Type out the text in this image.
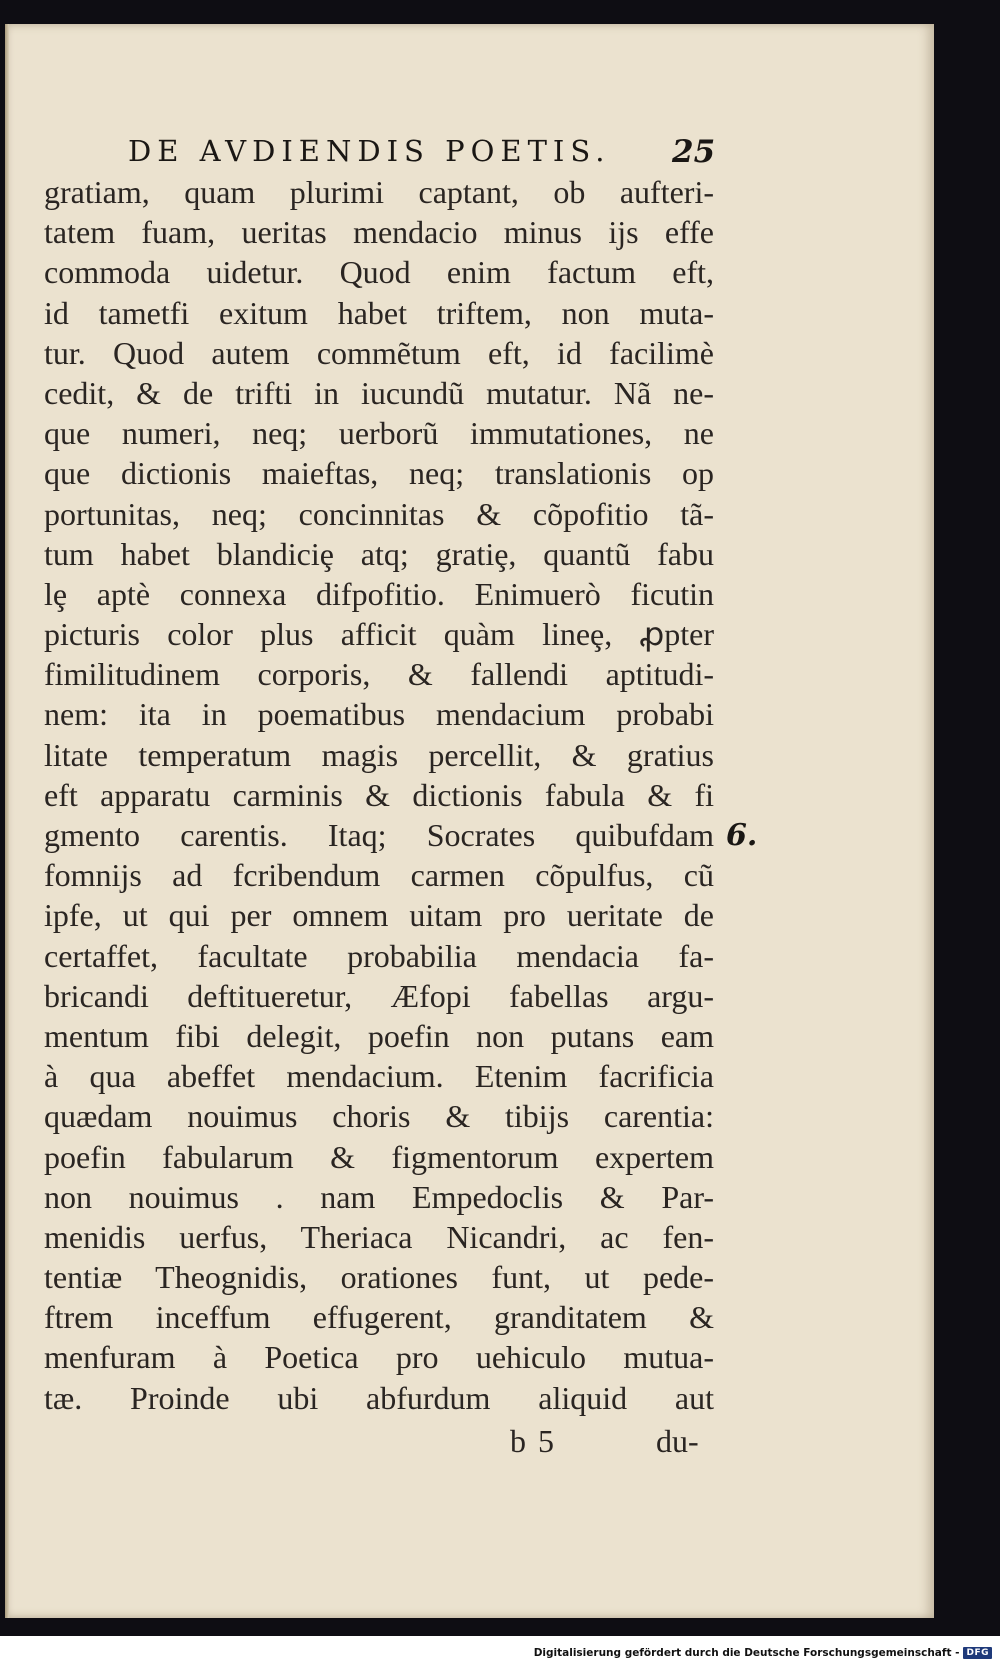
DE AVDIENDIS POETIS.	25
gratiam, quam plurimi captant, ob aufteri-
tatem fuam, ueritas mendacio minus ijs effe
commoda uidetur. Quod enim factum eft,
id tametfi exitum habet triftem, non muta-
tur. Quod autem commẽtum eft, id facilimè
cedit, & de trifti in iucundũ mutatur. Nã ne-
que numeri, neq; uerborũ immutationes, ne
que dictionis maieftas, neq; translationis op
portunitas, neq; concinnitas & cõpofitio tã-
tum habet blandiciȩ atq; gratiȩ, quantũ fabu
lȩ aptè connexa difpofitio. Enimuerò ficutin
picturis color plus afficit quàm lineȩ, ꝓpter
fimilitudinem corporis, & fallendi aptitudi-
nem: ita in poematibus mendacium probabi
litate temperatum magis percellit, & gratius
eft apparatu carminis & dictionis fabula & fi
gmento carentis. Itaq; Socrates quibufdam
fomnijs ad fcribendum carmen cõpulfus, cũ
ipfe, ut qui per omnem uitam pro ueritate de
certaffet, facultate probabilia mendacia fa-
bricandi deftitueretur, Æfopi fabellas argu-
mentum fibi delegit, poefin non putans eam
à qua abeffet mendacium. Etenim facrificia
quædam nouimus choris & tibijs carentia:
poefin fabularum & figmentorum expertem
non nouimus . nam Empedoclis & Par-
menidis uerfus, Theriaca Nicandri, ac fen-
tentiæ Theognidis, orationes funt, ut pede-
ftrem inceffum effugerent, granditatem &
menfuram à Poetica pro uehiculo mutua-
tæ. Proinde ubi abfurdum aliquid aut
6.
b 5	du-
Digitalisierung gefördert durch die Deutsche Forschungsgemeinschaft - DFG
